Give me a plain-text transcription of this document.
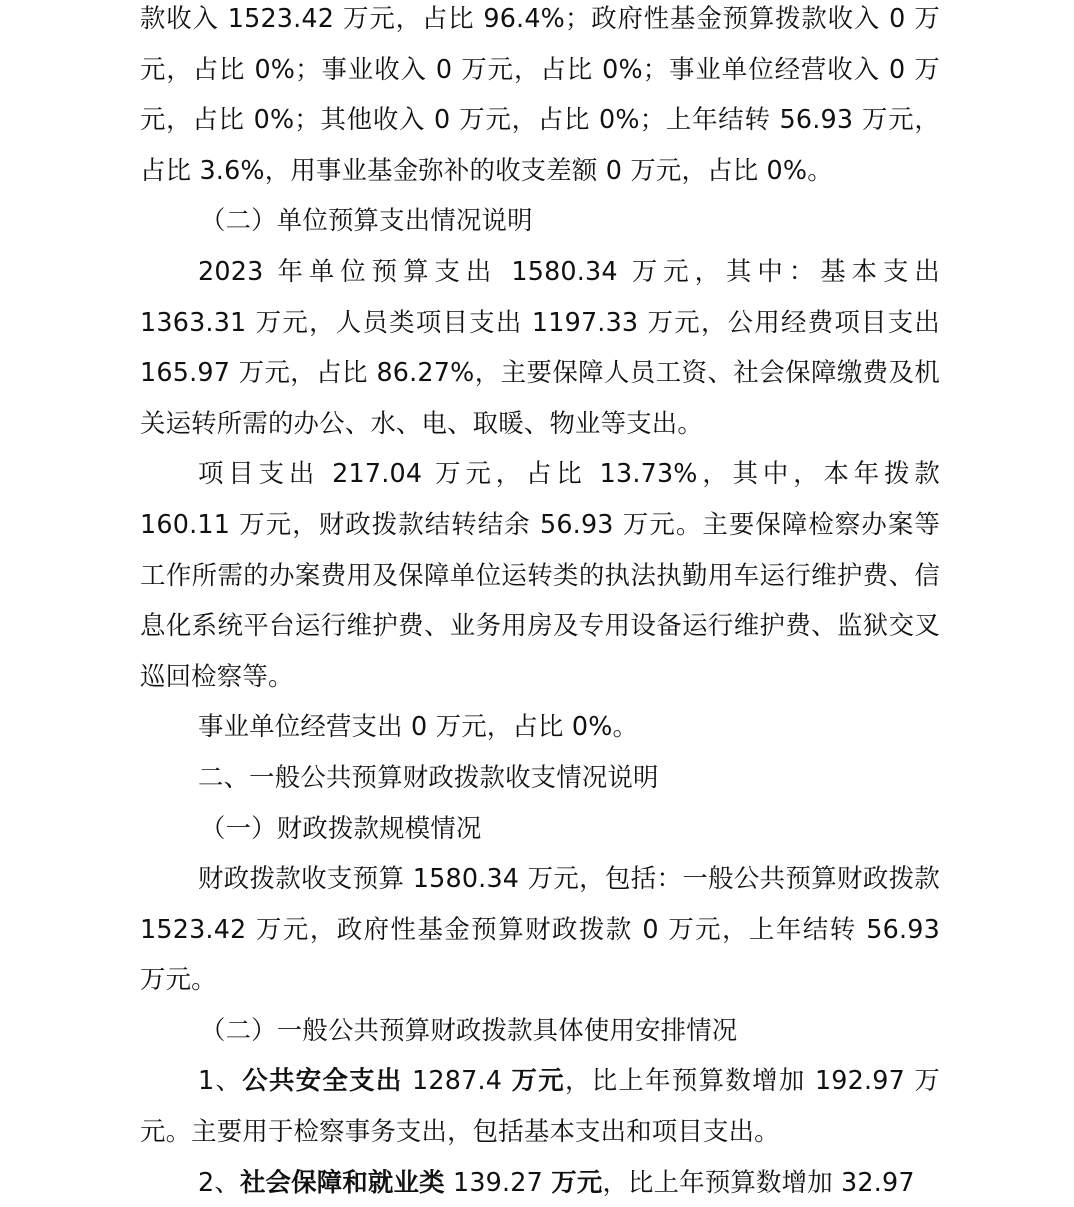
款收入 1523.42 万元，占比 96.4%；政府性基金预算拨款收入 0 万元，占比 0%；事业收入 0 万元，占比 0%；事业单位经营收入 0 万元，占比 0%；其他收入 0 万元，占比 0%；上年结转 56.93 万元，占比 3.6%，用事业基金弥补的收支差额 0 万元，占比 0%。

（二）单位预算支出情况说明

2023 年单位预算支出 1580.34 万元，其中：基本支出 1363.31 万元，人员类项目支出 1197.33 万元，公用经费项目支出 165.97 万元，占比 86.27%，主要保障人员工资、社会保障缴费及机关运转所需的办公、水、电、取暖、物业等支出。

项目支出 217.04 万元，占比 13.73%，其中，本年拨款 160.11 万元，财政拨款结转结余 56.93 万元。主要保障检察办案等工作所需的办案费用及保障单位运转类的执法执勤用车运行维护费、信息化系统平台运行维护费、业务用房及专用设备运行维护费、监狱交叉巡回检察等。

事业单位经营支出 0 万元，占比 0%。

二、一般公共预算财政拨款收支情况说明

（一）财政拨款规模情况

财政拨款收支预算 1580.34 万元，包括：一般公共预算财政拨款 1523.42 万元，政府性基金预算财政拨款 0 万元，上年结转 56.93 万元。

（二）一般公共预算财政拨款具体使用安排情况

1、公共安全支出 1287.4 万元，比上年预算数增加 192.97 万元。主要用于检察事务支出，包括基本支出和项目支出。

2、社会保障和就业类 139.27 万元，比上年预算数增加 32.97
